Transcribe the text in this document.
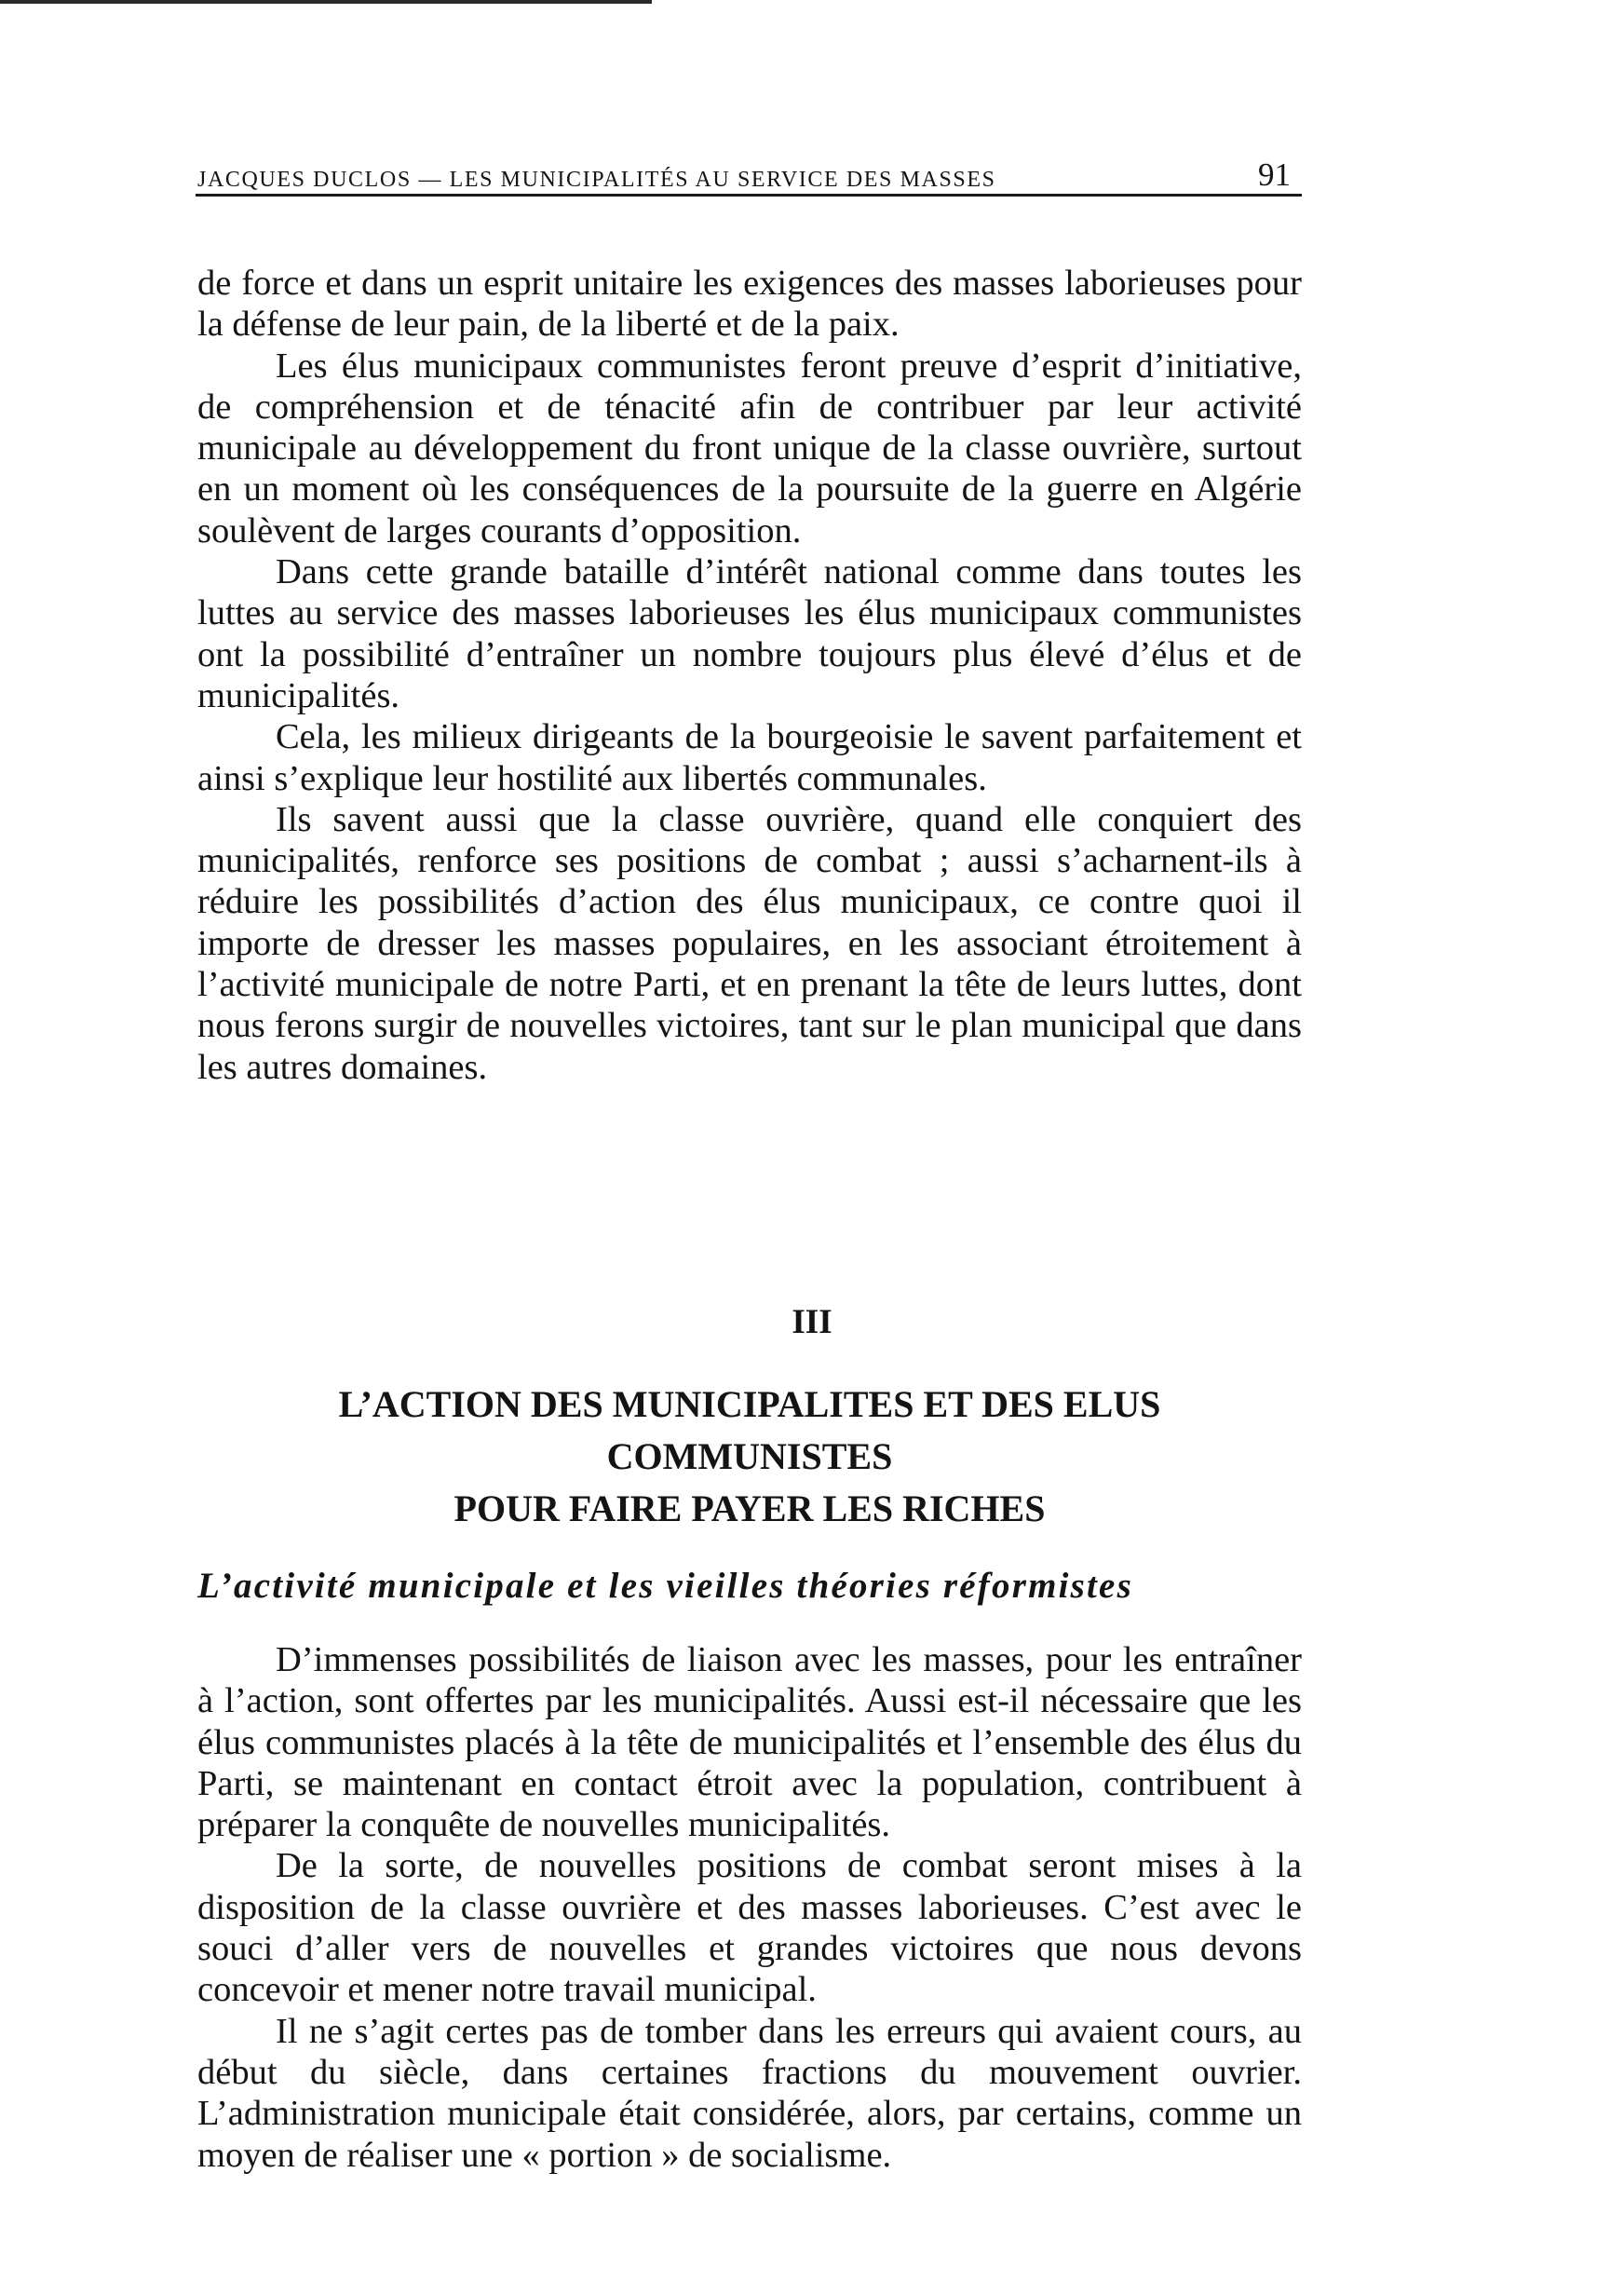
JACQUES DUCLOS — LES MUNICIPALITÉS AU SERVICE DES MASSES	91

de force et dans un esprit unitaire les exigences des masses laborieuses pour la défense de leur pain, de la liberté et de la paix.

Les élus municipaux communistes feront preuve d’esprit d’initiative, de compréhension et de ténacité afin de contribuer par leur activité municipale au développement du front unique de la classe ouvrière, surtout en un moment où les conséquences de la poursuite de la guerre en Algérie soulèvent de larges courants d’opposition.

Dans cette grande bataille d’intérêt national comme dans toutes les luttes au service des masses laborieuses les élus municipaux communistes ont la possibilité d’entraîner un nombre toujours plus élevé d’élus et de municipalités.

Cela, les milieux dirigeants de la bourgeoisie le savent parfaitement et ainsi s’explique leur hostilité aux libertés communales.

Ils savent aussi que la classe ouvrière, quand elle conquiert des municipalités, renforce ses positions de combat ; aussi s’acharnent-ils à réduire les possibilités d’action des élus municipaux, ce contre quoi il importe de dresser les masses populaires, en les associant étroitement à l’activité municipale de notre Parti, et en prenant la tête de leurs luttes, dont nous ferons surgir de nouvelles victoires, tant sur le plan municipal que dans les autres domaines.

III
L’ACTION DES MUNICIPALITES ET DES ELUS
COMMUNISTES
POUR FAIRE PAYER LES RICHES
L’activité municipale et les vieilles théories réformistes

D’immenses possibilités de liaison avec les masses, pour les entraîner à l’action, sont offertes par les municipalités. Aussi est-il nécessaire que les élus communistes placés à la tête de municipalités et l’ensemble des élus du Parti, se maintenant en contact étroit avec la population, contribuent à préparer la conquête de nouvelles municipalités.

De la sorte, de nouvelles positions de combat seront mises à la disposition de la classe ouvrière et des masses laborieuses. C’est avec le souci d’aller vers de nouvelles et grandes victoires que nous devons concevoir et mener notre travail municipal.

Il ne s’agit certes pas de tomber dans les erreurs qui avaient cours, au début du siècle, dans certaines fractions du mouvement ouvrier. L’administration municipale était considérée, alors, par certains, comme un moyen de réaliser une « portion » de socialisme.
